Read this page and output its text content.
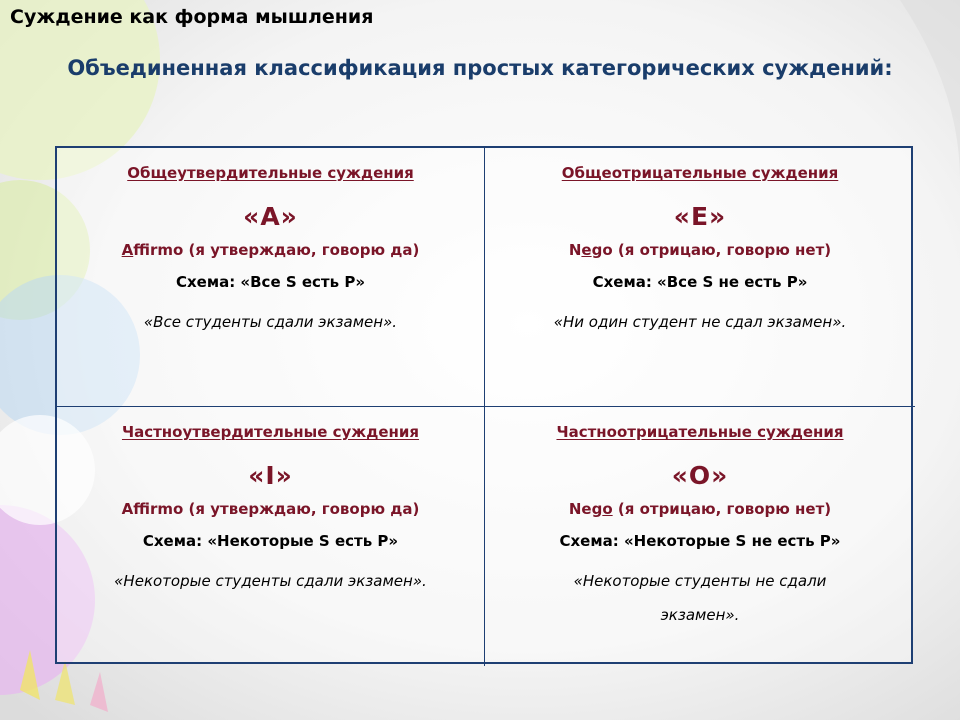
Суждение как форма мышления
Объединенная классификация простых категорических суждений:

Общеутвердительные суждения

«А»

Affirmo (я утверждаю, говорю да)

Схема: «Все S есть P»

«Все студенты сдали экзамен».

Общеотрицательные суждения

«Е»

Nego (я отрицаю, говорю нет)

Схема: «Все S не есть P»

«Ни один студент не сдал экзамен».

Частноутвердительные суждения

«I»

Affrmo (я утверждаю, говорю да)

Схема: «Некоторые S есть P»

«Некоторые студенты сдали экзамен».

Частноотрицательные суждения

«О»

Nego (я отрицаю, говорю нет)

Схема: «Некоторые S не есть P»

«Некоторые студенты не сдали экзамен».
